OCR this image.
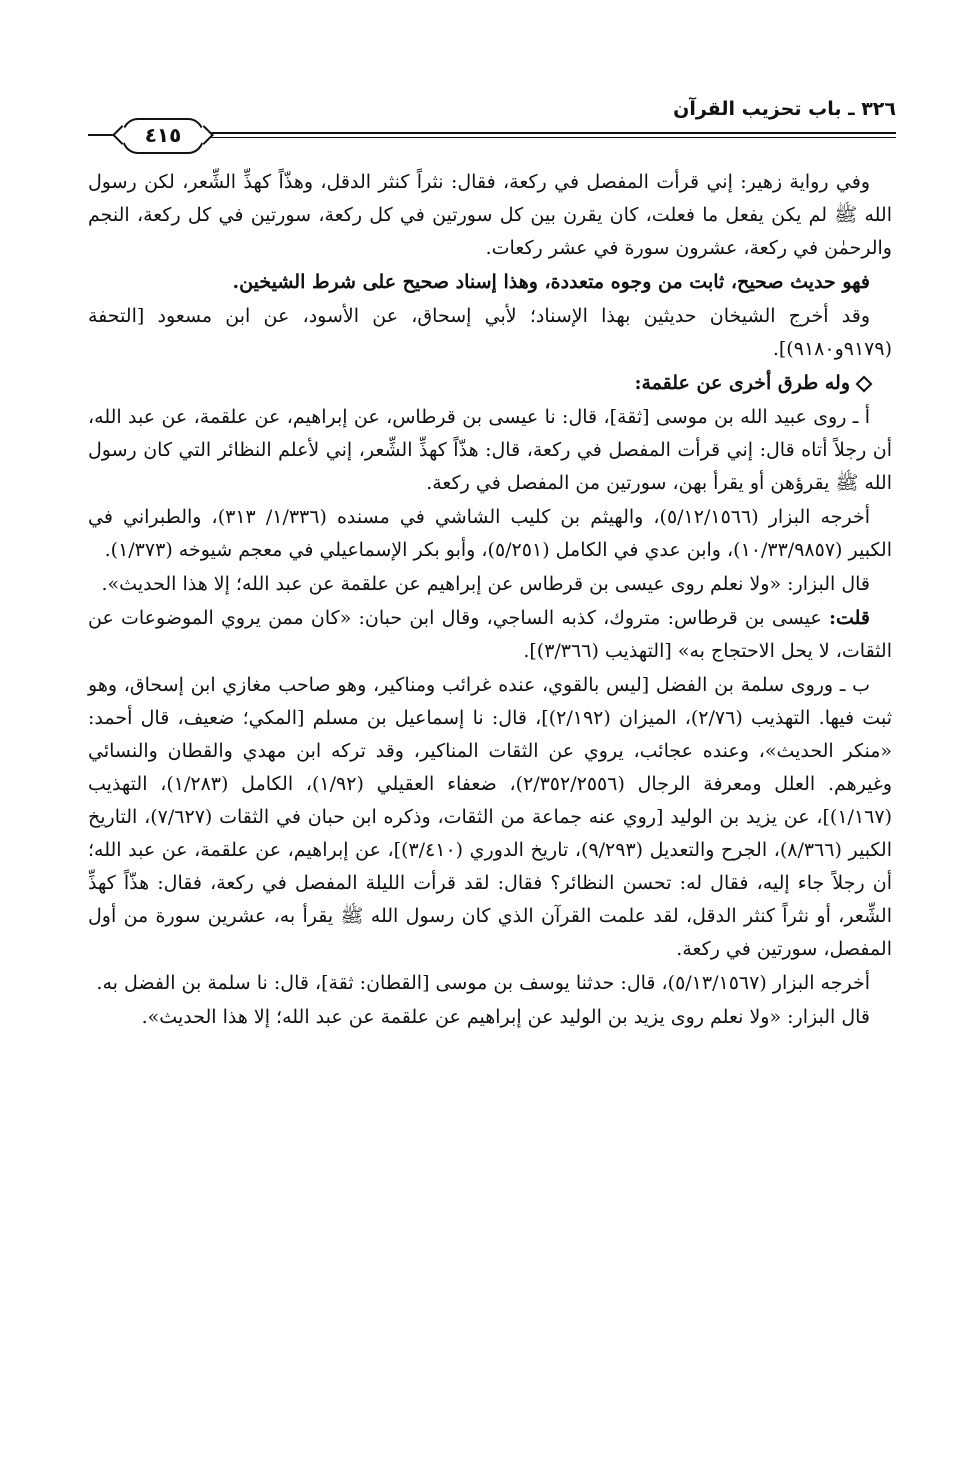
٣٢٦ ـ باب تحزيب القرآن
٤١٥

وفي رواية زهير: إني قرأت المفصل في ركعة، فقال: نثراً كنثر الدقل، وهذّاً كهذِّ الشِّعر، لكن رسول الله ﷺ لم يكن يفعل ما فعلت، كان يقرن بين كل سورتين في كل ركعة، سورتين في كل ركعة، النجم والرحمٰن في ركعة، عشرون سورة في عشر ركعات.

فهو حديث صحيح، ثابت من وجوه متعددة، وهذا إسناد صحيح على شرط الشيخين.

وقد أخرج الشيخان حديثين بهذا الإسناد؛ لأبي إسحاق، عن الأسود، عن ابن مسعود [التحفة (٩١٧٩و٩١٨٠)].

وله طرق أخرى عن علقمة:

أ ـ روى عبيد الله بن موسى [ثقة]، قال: نا عيسى بن قرطاس، عن إبراهيم، عن علقمة، عن عبد الله، أن رجلاً أتاه قال: إني قرأت المفصل في ركعة، قال: هذّاً كهذِّ الشِّعر، إني لأعلم النظائر التي كان رسول الله ﷺ يقرؤهن أو يقرأ بهن، سورتين من المفصل في ركعة.

أخرجه البزار (٥/١٢/١٥٦٦)، والهيثم بن كليب الشاشي في مسنده (١/٣٣٦/ ٣١٣)، والطبراني في الكبير (١٠/٣٣/٩٨٥٧)، وابن عدي في الكامل (٥/٢٥١)، وأبو بكر الإسماعيلي في معجم شيوخه (١/٣٧٣).

قال البزار: «ولا نعلم روى عيسى بن قرطاس عن إبراهيم عن علقمة عن عبد الله؛ إلا هذا الحديث».

قلت: عيسى بن قرطاس: متروك، كذبه الساجي، وقال ابن حبان: «كان ممن يروي الموضوعات عن الثقات، لا يحل الاحتجاج به» [التهذيب (٣/٣٦٦)].

ب ـ وروى سلمة بن الفضل [ليس بالقوي، عنده غرائب ومناكير، وهو صاحب مغازي ابن إسحاق، وهو ثبت فيها. التهذيب (٢/٧٦)، الميزان (٢/١٩٢)]، قال: نا إسماعيل بن مسلم [المكي؛ ضعيف، قال أحمد: «منكر الحديث»، وعنده عجائب، يروي عن الثقات المناكير، وقد تركه ابن مهدي والقطان والنسائي وغيرهم. العلل ومعرفة الرجال (٢/٣٥٢/٢٥٥٦)، ضعفاء العقيلي (١/٩٢)، الكامل (١/٢٨٣)، التهذيب (١/١٦٧)]، عن يزيد بن الوليد [روي عنه جماعة من الثقات، وذكره ابن حبان في الثقات (٧/٦٢٧)، التاريخ الكبير (٨/٣٦٦)، الجرح والتعديل (٩/٢٩٣)، تاريخ الدوري (٣/٤١٠)]، عن إبراهيم، عن علقمة، عن عبد الله؛ أن رجلاً جاء إليه، فقال له: تحسن النظائر؟ فقال: لقد قرأت الليلة المفصل في ركعة، فقال: هذّاً كهذِّ الشِّعر، أو نثراً كنثر الدقل، لقد علمت القرآن الذي كان رسول الله ﷺ يقرأ به، عشرين سورة من أول المفصل، سورتين في ركعة.

أخرجه البزار (٥/١٣/١٥٦٧)، قال: حدثنا يوسف بن موسى [القطان: ثقة]، قال: نا سلمة بن الفضل به.

قال البزار: «ولا نعلم روى يزيد بن الوليد عن إبراهيم عن علقمة عن عبد الله؛ إلا هذا الحديث».
